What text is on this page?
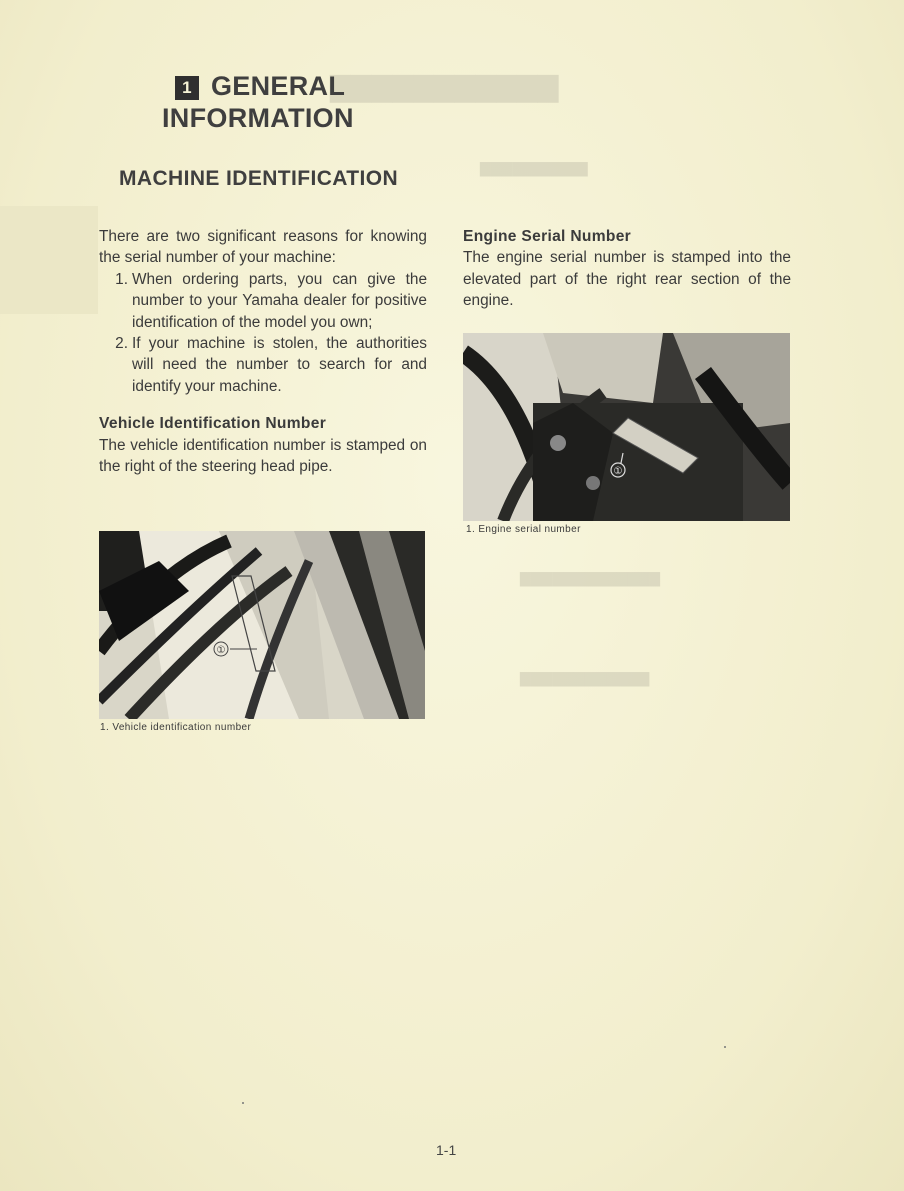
▇▇▇▇▇▇▇▇▇▇▇
▇▇▇▇▇▇▇▇▇▇
▇▇▇▇▇▇▇▇▇▇▇▇▇
▇▇▇▇▇▇▇▇▇▇▇▇
1 GENERAL
INFORMATION
MACHINE IDENTIFICATION
There are two significant reasons for knowing the serial number of your machine:
1. When ordering parts, you can give the number to your Yamaha dealer for positive identification of the model you own;
2. If your machine is stolen, the authorities will need the number to search for and identify your machine.
Vehicle Identification Number
The vehicle identification number is stamped on the right of the steering head pipe.
Engine Serial Number
The engine serial number is stamped into the elevated part of the right rear section of the engine.
①
1. Vehicle identification number
①
1. Engine serial number
1-1
